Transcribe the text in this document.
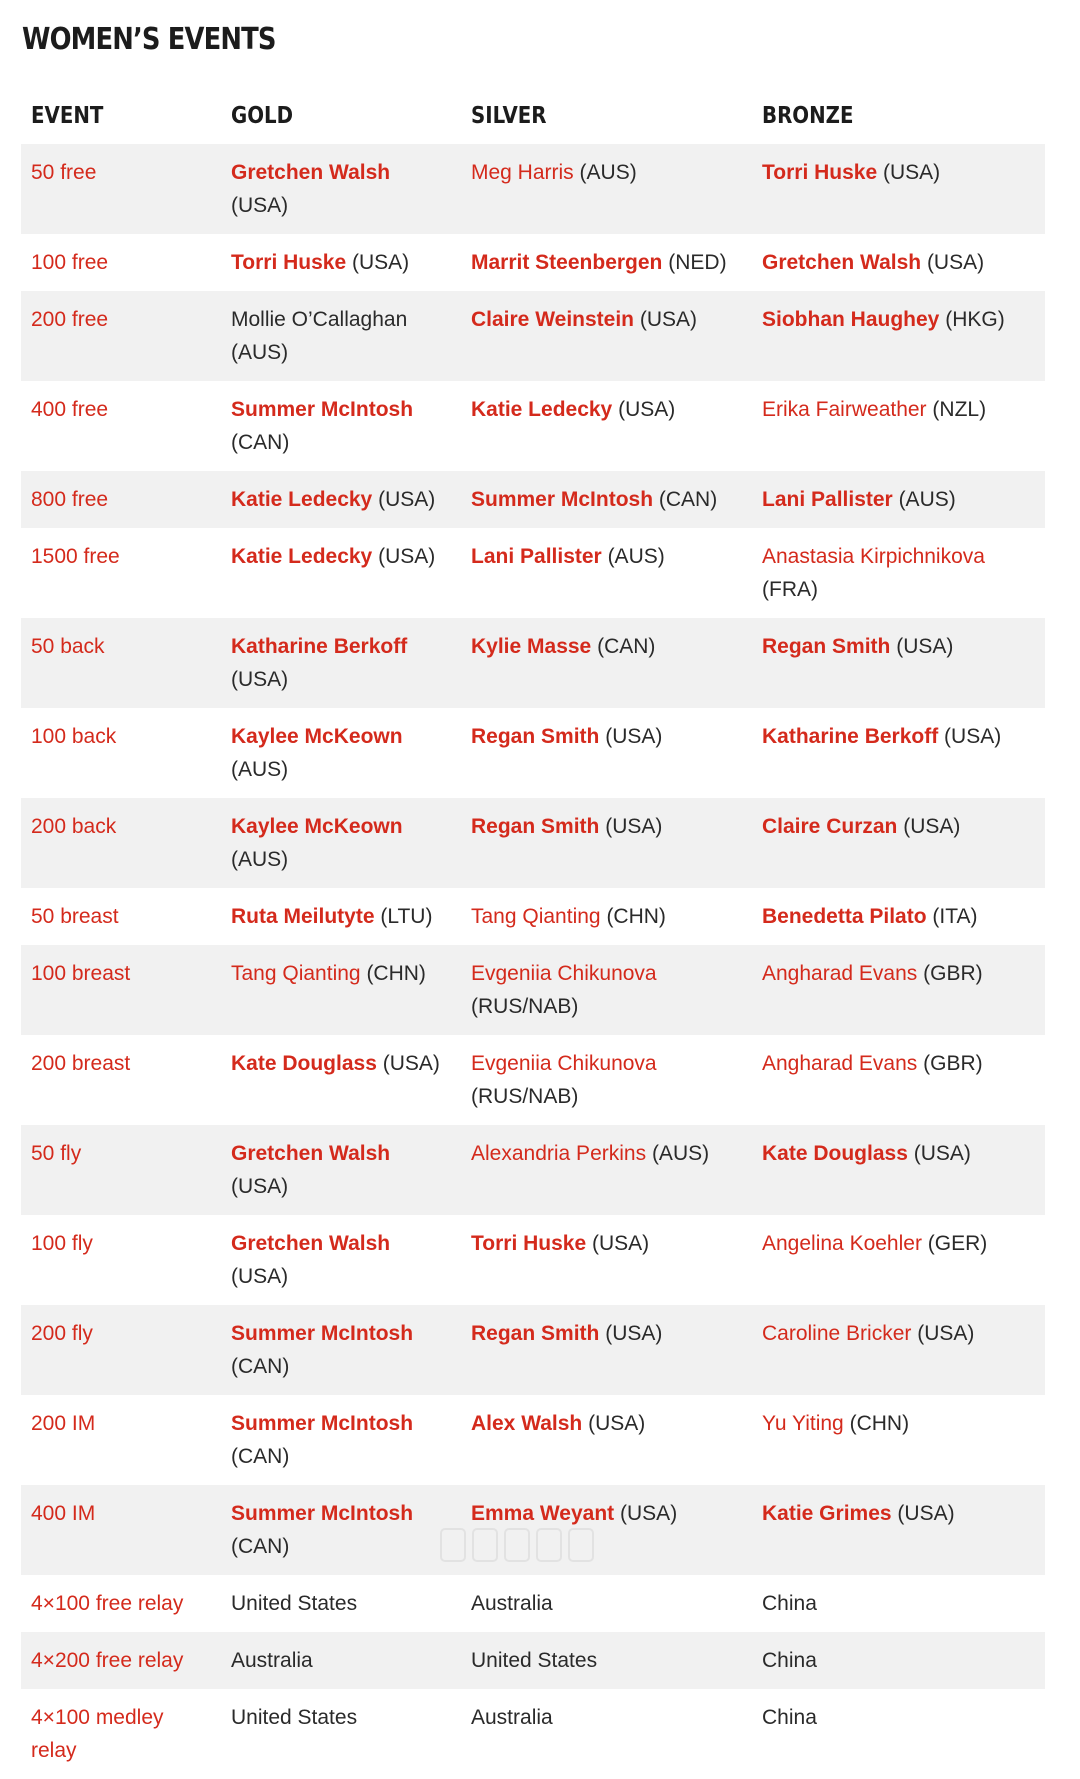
WOMEN’S EVENTS
EVENT	GOLD	SILVER	BRONZE
50 free	Gretchen Walsh (USA)	Meg Harris (AUS)	Torri Huske (USA)
100 free	Torri Huske (USA)	Marrit Steenbergen (NED)	Gretchen Walsh (USA)
200 free	Mollie O’Callaghan (AUS)	Claire Weinstein (USA)	Siobhan Haughey (HKG)
400 free	Summer McIntosh (CAN)	Katie Ledecky (USA)	Erika Fairweather (NZL)
800 free	Katie Ledecky (USA)	Summer McIntosh (CAN)	Lani Pallister (AUS)
1500 free	Katie Ledecky (USA)	Lani Pallister (AUS)	Anastasia Kirpichnikova (FRA)
50 back	Katharine Berkoff (USA)	Kylie Masse (CAN)	Regan Smith (USA)
100 back	Kaylee McKeown (AUS)	Regan Smith (USA)	Katharine Berkoff (USA)
200 back	Kaylee McKeown (AUS)	Regan Smith (USA)	Claire Curzan (USA)
50 breast	Ruta Meilutyte (LTU)	Tang Qianting (CHN)	Benedetta Pilato (ITA)
100 breast	Tang Qianting (CHN)	Evgeniia Chikunova (RUS/NAB)	Angharad Evans (GBR)
200 breast	Kate Douglass (USA)	Evgeniia Chikunova (RUS/NAB)	Angharad Evans (GBR)
50 fly	Gretchen Walsh (USA)	Alexandria Perkins (AUS)	Kate Douglass (USA)
100 fly	Gretchen Walsh (USA)	Torri Huske (USA)	Angelina Koehler (GER)
200 fly	Summer McIntosh (CAN)	Regan Smith (USA)	Caroline Bricker (USA)
200 IM	Summer McIntosh (CAN)	Alex Walsh (USA)	Yu Yiting (CHN)
400 IM	Summer McIntosh (CAN)	Emma Weyant (USA)	Katie Grimes (USA)
4×100 free relay	United States	Australia	China
4×200 free relay	Australia	United States	China
4×100 medley relay	United States	Australia	China
